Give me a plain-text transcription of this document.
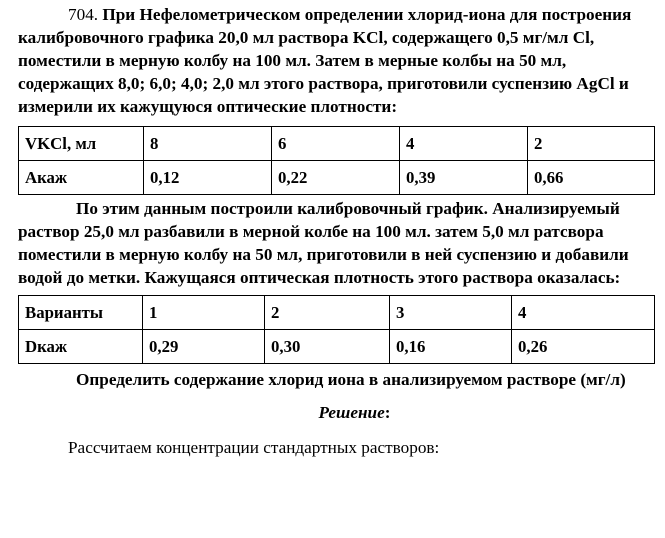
704. При Нефелометрическом определении хлорид-иона для построения калибровочного графика 20,0 мл раствора KCl, содержащего 0,5 мг/мл Cl, поместили в мерную колбу на 100 мл. Затем в мерные колбы на 50 мл, содержащих 8,0; 6,0; 4,0; 2,0 мл этого раствора, приготовили суспензию AgCl и измерили их кажущуюся оптические плотности:

VKCl, мл	8	6	4	2
Акаж	0,12	0,22	0,39	0,66

По этим данным построили калибровочный график. Анализируемый раствор 25,0 мл разбавили в мерной колбе на 100 мл. затем 5,0 мл ратсвора поместили в мерную колбу на 50 мл, приготовили в ней суспензию и добавили водой до метки. Кажущаяся оптическая плотность этого раствора оказалась:

Варианты	1	2	3	4
Dкаж	0,29	0,30	0,16	0,26

Определить содержание хлорид иона в анализируемом растворе (мг/л)

Решение:

Рассчитаем концентрации стандартных растворов:
